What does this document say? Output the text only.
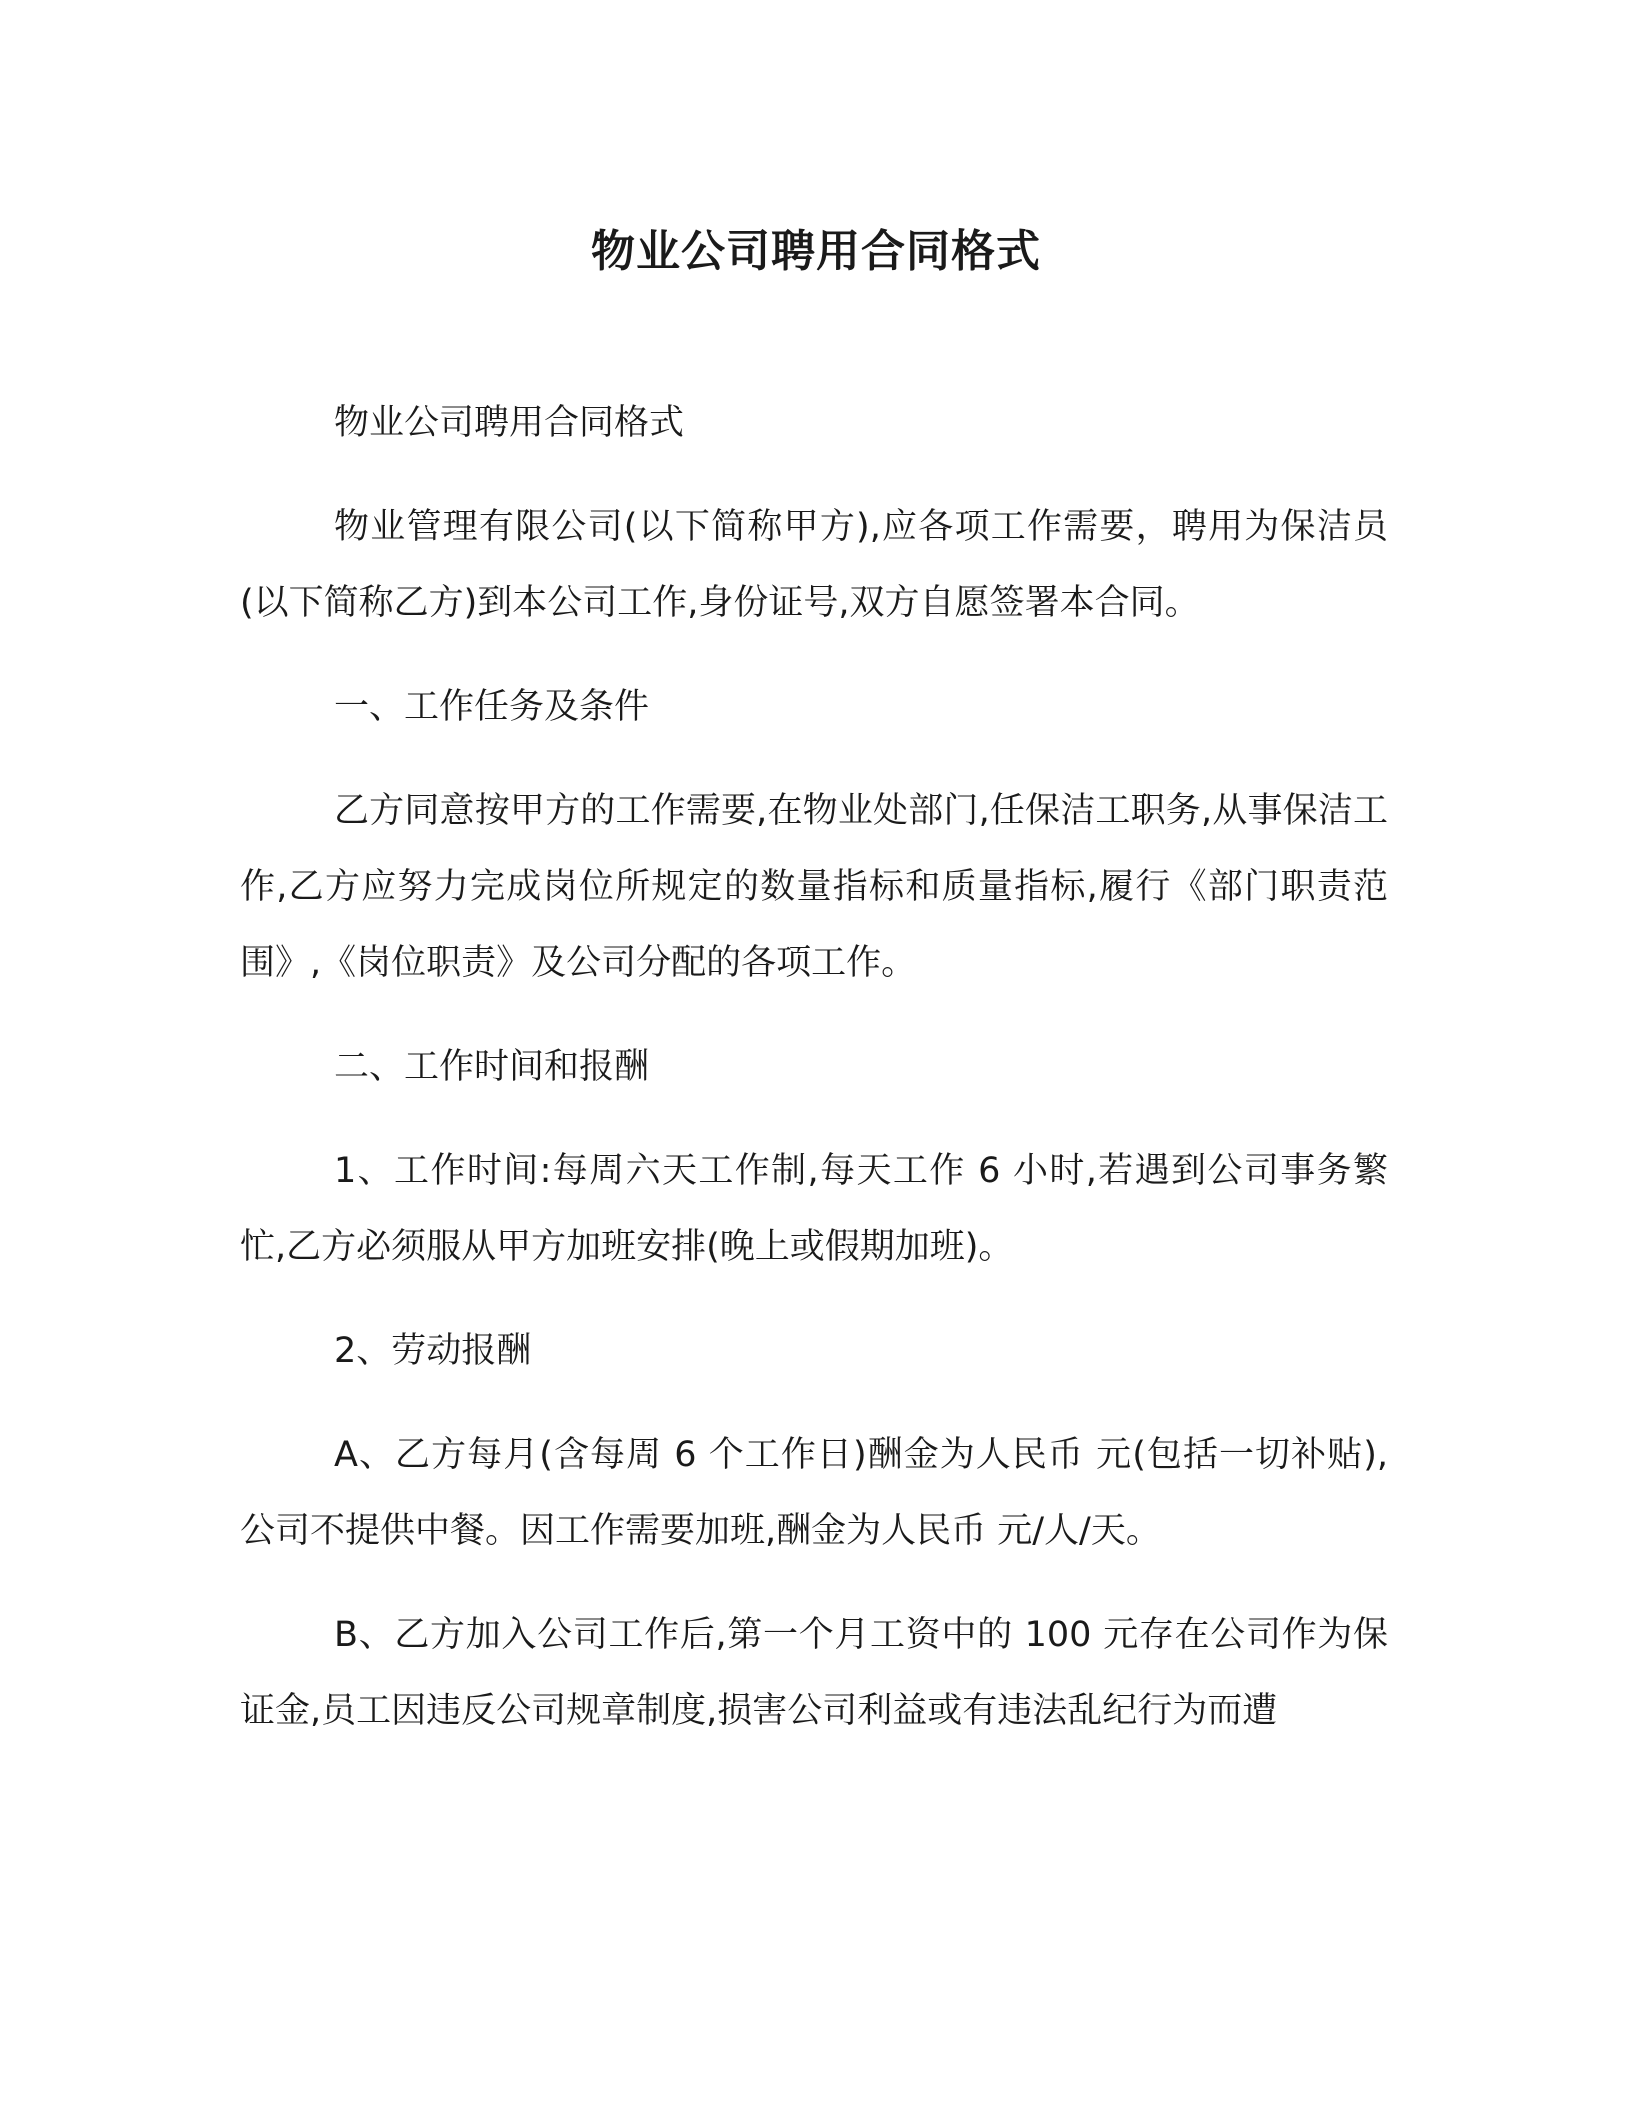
物业公司聘用合同格式

物业公司聘用合同格式

物业管理有限公司(以下简称甲方),应各项工作需要，聘用为保洁员(以下简称乙方)到本公司工作,身份证号,双方自愿签署本合同。

一、工作任务及条件

乙方同意按甲方的工作需要,在物业处部门,任保洁工职务,从事保洁工作,乙方应努力完成岗位所规定的数量指标和质量指标,履行《部门职责范围》,《岗位职责》及公司分配的各项工作。

二、工作时间和报酬

1、工作时间:每周六天工作制,每天工作 6 小时,若遇到公司事务繁忙,乙方必须服从甲方加班安排(晚上或假期加班)。

2、劳动报酬

A、乙方每月(含每周 6 个工作日)酬金为人民币 元(包括一切补贴),公司不提供中餐。因工作需要加班,酬金为人民币 元/人/天。

B、乙方加入公司工作后,第一个月工资中的 100 元存在公司作为保证金,员工因违反公司规章制度,损害公司利益或有违法乱纪行为而遭
